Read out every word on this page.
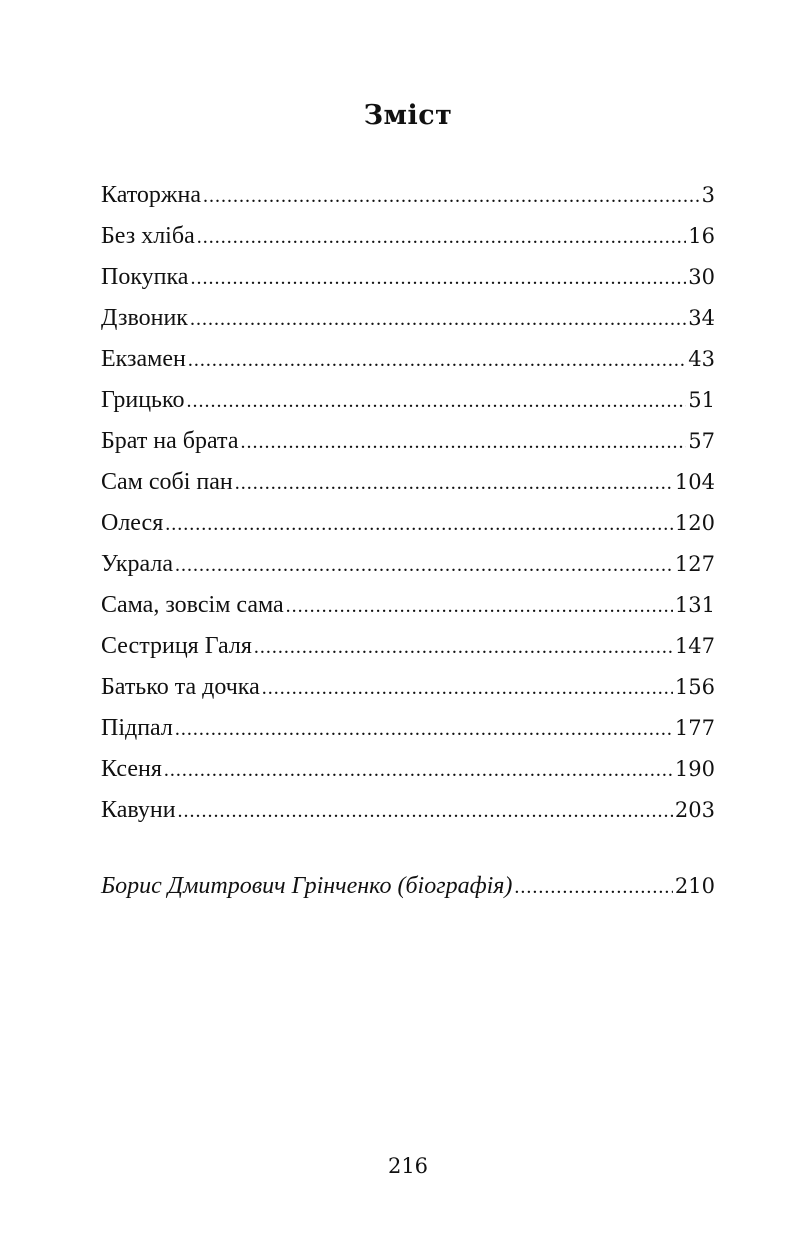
Зміст
Каторжна .....	3
Без хліба .....	16
Покупка .....	30
Дзвоник .....	34
Екзамен .....	43
Грицько .....	51
Брат на брата .....	57
Сам собі пан .....	104
Олеся .....	120
Украла .....	127
Сама, зовсім сама .....	131
Сестриця Галя .....	147
Батько та дочка .....	156
Підпал .....	177
Ксеня .....	190
Кавуни .....	203
Борис Дмитрович Грінченко (біографія) .....	210
216
